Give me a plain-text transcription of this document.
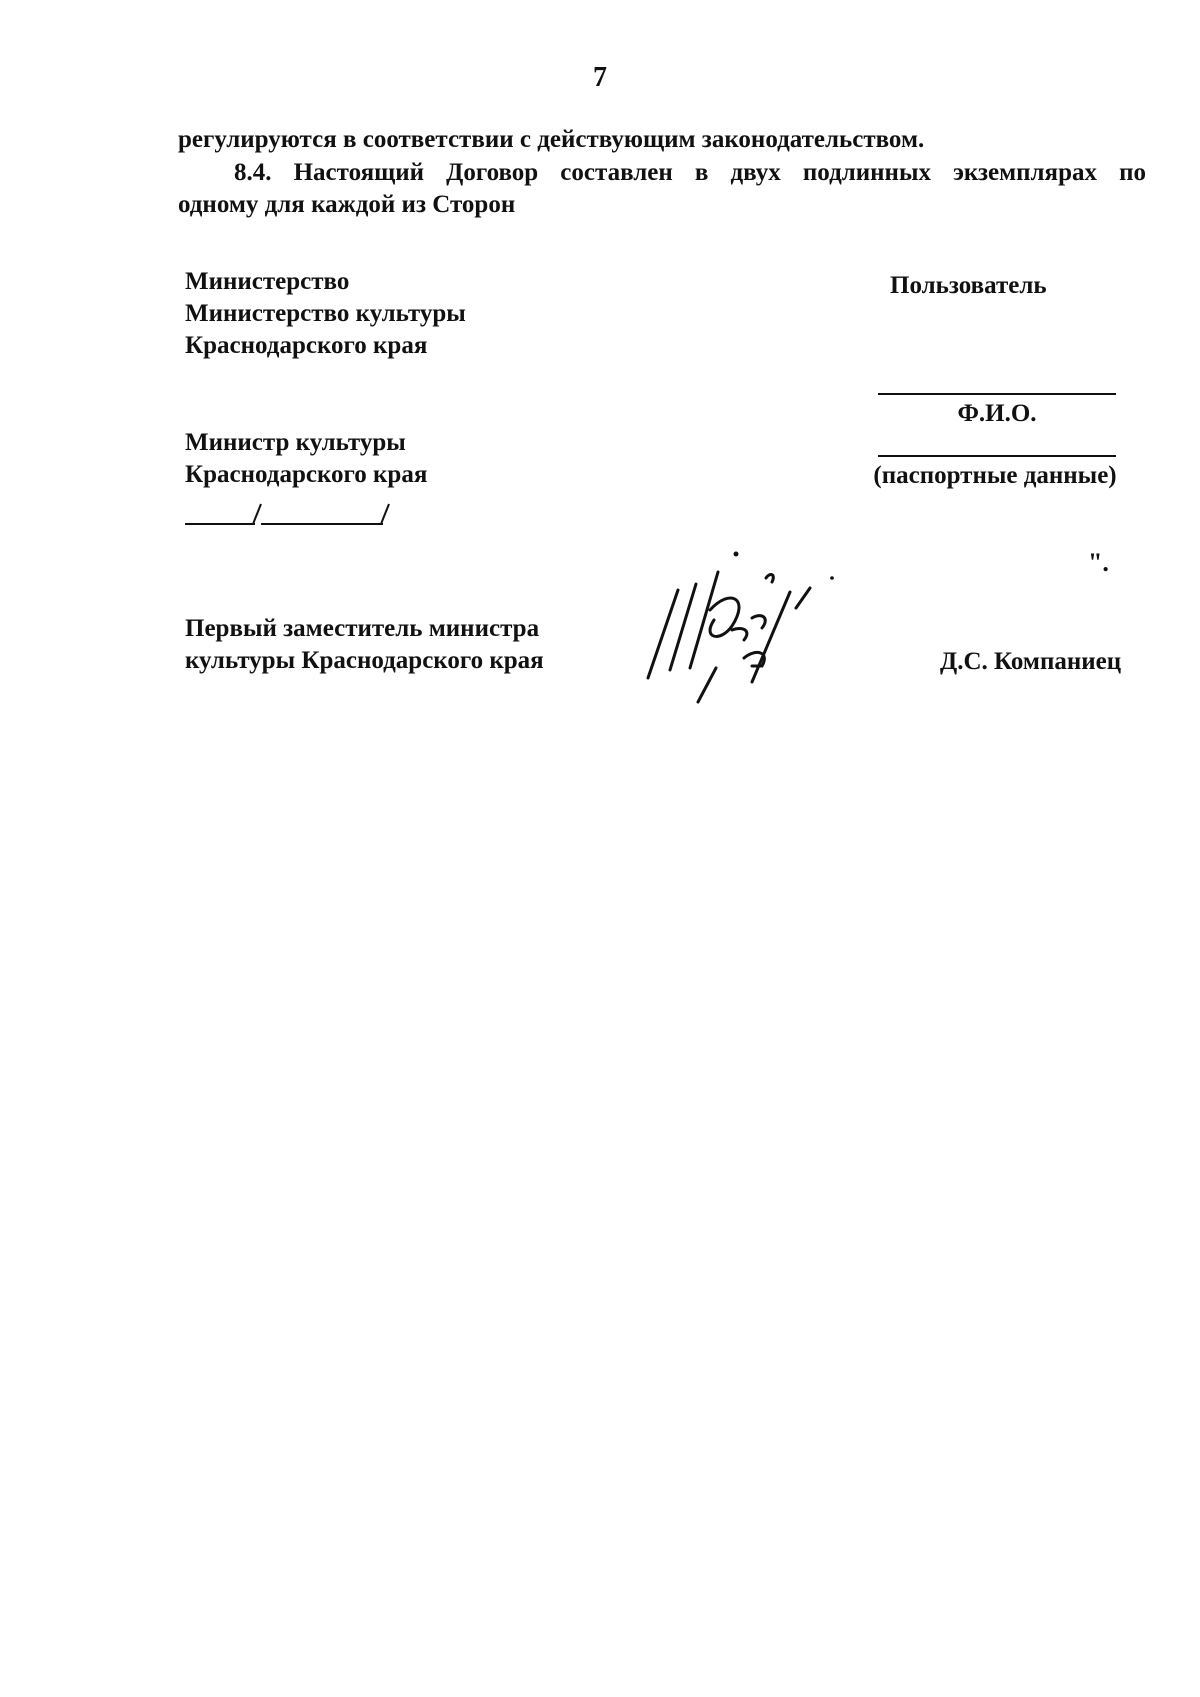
7
регулируются в соответствии с действующим законодательством.
8.4. Настоящий Договор составлен в двух подлинных экземплярах по
одному для каждой из Сторон
Министерство
Министерство культуры
Краснодарского края
Пользователь
Ф.И.О.
(паспортные данные)
Министр культуры
Краснодарского края
Первый заместитель министра
культуры Краснодарского края	Д.С. Компаниец
".
